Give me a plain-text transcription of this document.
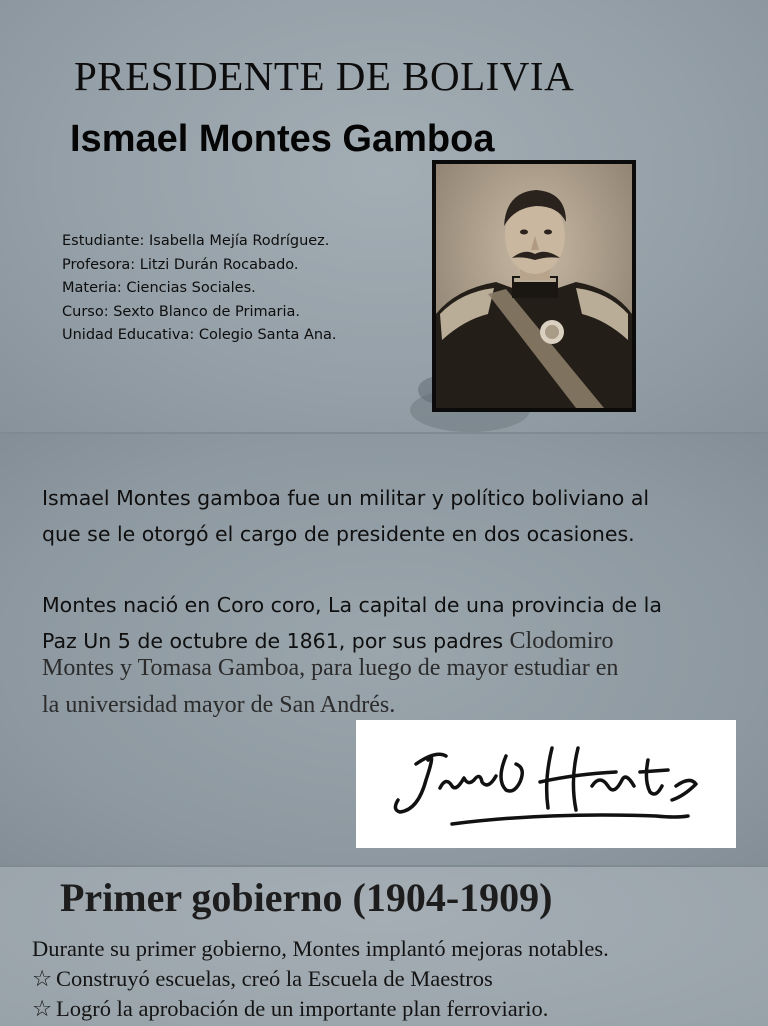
PRESIDENTE DE BOLIVIA
Ismael Montes Gamboa
Estudiante: Isabella Mejía Rodríguez.
Profesora: Litzi Durán Rocabado.
Materia: Ciencias Sociales.
Curso: Sexto Blanco de Primaria.
Unidad Educativa: Colegio Santa Ana.
Ismael Montes gamboa fue un militar y político boliviano al
que se le otorgó el cargo de presidente en dos ocasiones.
Montes nació en Coro coro, La capital de una provincia de la
Paz Un 5 de octubre de 1861, por sus padres Clodomiro
Montes y Tomasa Gamboa, para luego de mayor estudiar en
la universidad mayor de San Andrés.
Primer gobierno (1904-1909)
Durante su primer gobierno, Montes implantó mejoras notables.
☆ Construyó escuelas, creó la Escuela de Maestros
☆ Logró la aprobación de un importante plan ferroviario.
